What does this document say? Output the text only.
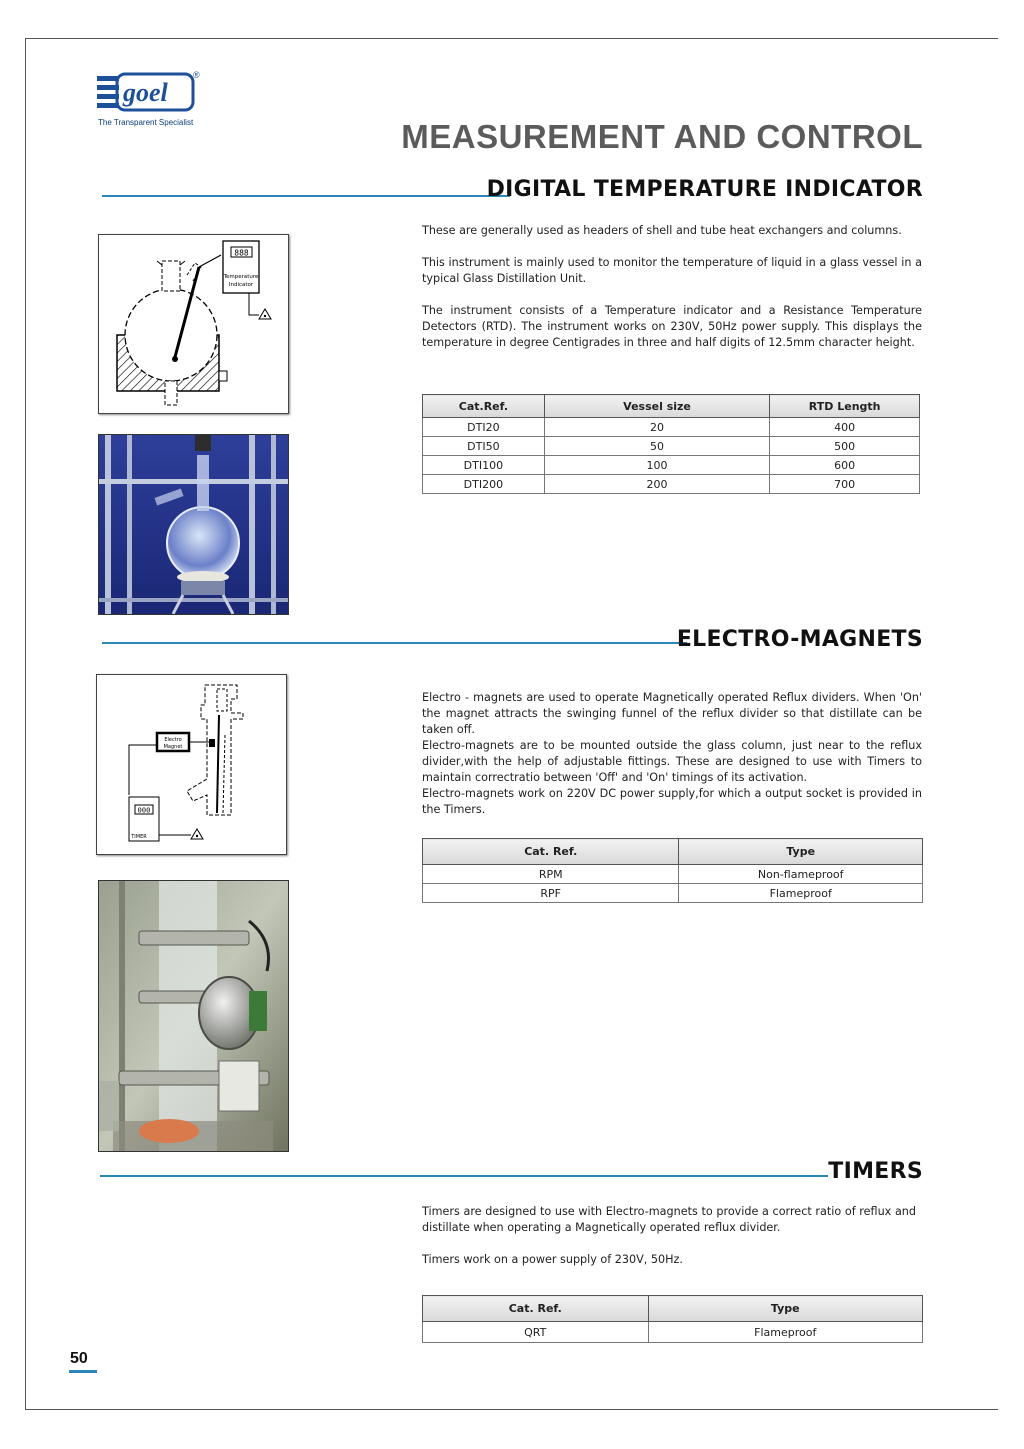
goel
®
The Transparent Specialist	MEASUREMENT AND CONTROL
DIGITAL TEMPERATURE INDICATOR

These are generally used as headers of shell and tube heat exchangers and columns.

This instrument is mainly used to monitor the temperature of liquid in a glass vessel in a typical Glass Distillation Unit.

The instrument consists of a Temperature indicator and a Resistance Temperature Detectors (RTD). The instrument works on 230V, 50Hz power supply. This displays the temperature in degree Centigrades in three and half digits of 12.5mm character height.

888
Temperature
Indicator
Cat.Ref.	Vessel size	RTD Length
DTI20	20	400
DTI50	50	500
DTI100	100	600
DTI200	200	700
ELECTRO-MAGNETS

Electro - magnets are used to operate Magnetically operated Reflux dividers. When 'On' the magnet attracts the swinging funnel of the reflux divider so that distillate can be taken off.

Electro-magnets are to be mounted outside the glass column, just near to the reflux divider,with the help of adjustable fittings. These are designed to use with Timers to maintain correctratio between 'Off' and 'On' timings of its activation.

Electro-magnets work on 220V DC power supply,for which a output socket is provided in the Timers.

Electro
Magnet
000
TIMER
Cat. Ref.	Type
RPM	Non-flameproof
RPF	Flameproof
TIMERS

Timers are designed to use with Electro-magnets to provide a correct ratio of reflux and distillate when operating a Magnetically operated reflux divider.

Timers work on a power supply of 230V, 50Hz.

Cat. Ref.	Type
QRT	Flameproof
50
